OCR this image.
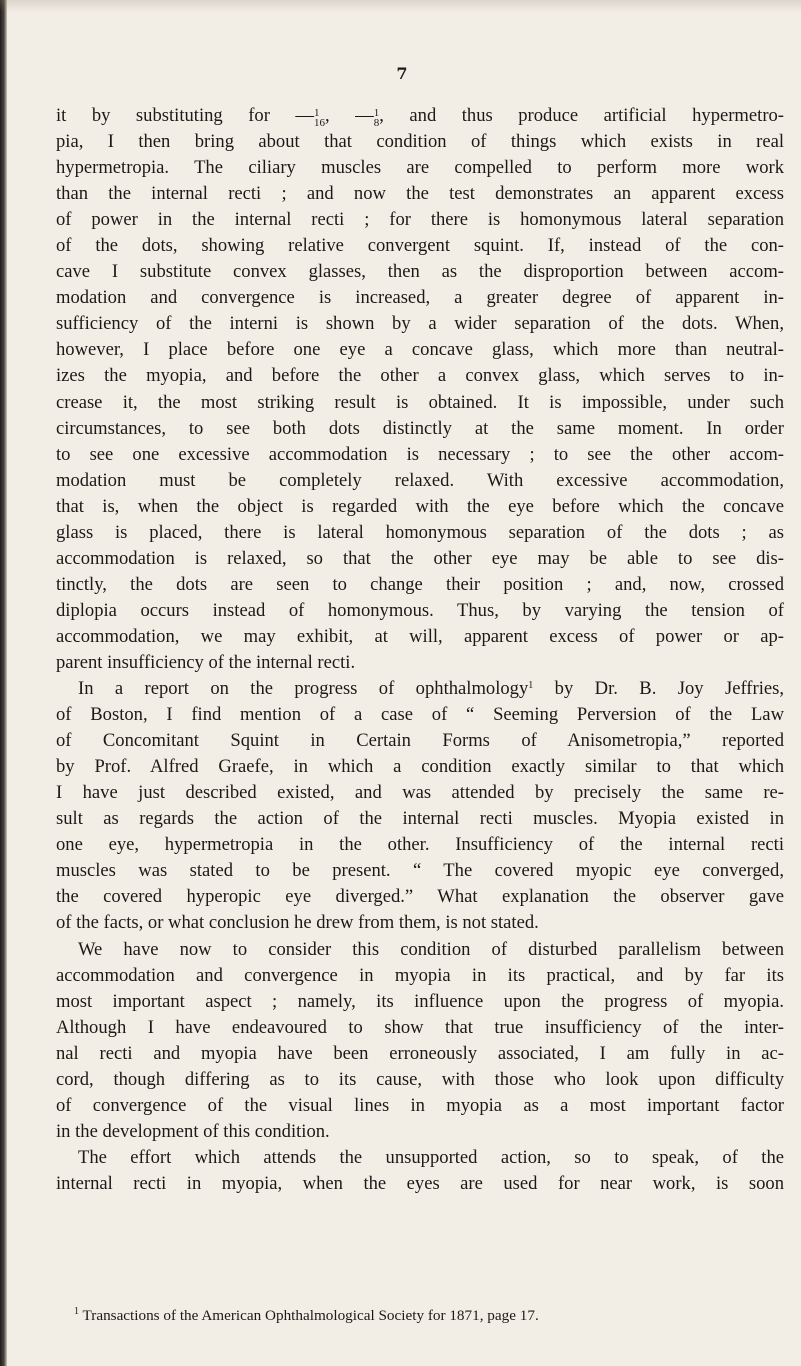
7
it by substituting for — 1
16 , — 1
8 , and thus produce artificial hypermetro-
pia, I then bring about that condition of things which exists in real
hypermetropia. The ciliary muscles are compelled to perform more work
than the internal recti ; and now the test demonstrates an apparent excess
of power in the internal recti ; for there is homonymous lateral separation
of the dots, showing relative convergent squint. If, instead of the con-
cave I substitute convex glasses, then as the disproportion between accom-
modation and convergence is increased, a greater degree of apparent in-
sufficiency of the interni is shown by a wider separation of the dots. When,
however, I place before one eye a concave glass, which more than neutral-
izes the myopia, and before the other a convex glass, which serves to in-
crease it, the most striking result is obtained. It is impossible, under such
circumstances, to see both dots distinctly at the same moment. In order
to see one excessive accommodation is necessary ; to see the other accom-
modation must be completely relaxed. With excessive accommodation,
that is, when the object is regarded with the eye before which the concave
glass is placed, there is lateral homonymous separation of the dots ; as
accommodation is relaxed, so that the other eye may be able to see dis-
tinctly, the dots are seen to change their position ; and, now, crossed
diplopia occurs instead of homonymous. Thus, by varying the tension of
accommodation, we may exhibit, at will, apparent excess of power or ap-
parent insufficiency of the internal recti.
In a report on the progress of ophthalmology$^1$ by Dr. B. Joy Jeffries,
of Boston, I find mention of a case of “ Seeming Perversion of the Law
of Concomitant Squint in Certain Forms of Anisometropia,” reported
by Prof. Alfred Graefe, in which a condition exactly similar to that which
I have just described existed, and was attended by precisely the same re-
sult as regards the action of the internal recti muscles. Myopia existed in
one eye, hypermetropia in the other. Insufficiency of the internal recti
muscles was stated to be present. “ The covered myopic eye converged,
the covered hyperopic eye diverged.” What explanation the observer gave
of the facts, or what conclusion he drew from them, is not stated.
We have now to consider this condition of disturbed parallelism between
accommodation and convergence in myopia in its practical, and by far its
most important aspect ; namely, its influence upon the progress of myopia.
Although I have endeavoured to show that true insufficiency of the inter-
nal recti and myopia have been erroneously associated, I am fully in ac-
cord, though differing as to its cause, with those who look upon difficulty
of convergence of the visual lines in myopia as a most important factor
in the development of this condition.
The effort which attends the unsupported action, so to speak, of the
internal recti in myopia, when the eyes are used for near work, is soon
$^1$ Transactions of the American Ophthalmological Society for 1871, page 17.
